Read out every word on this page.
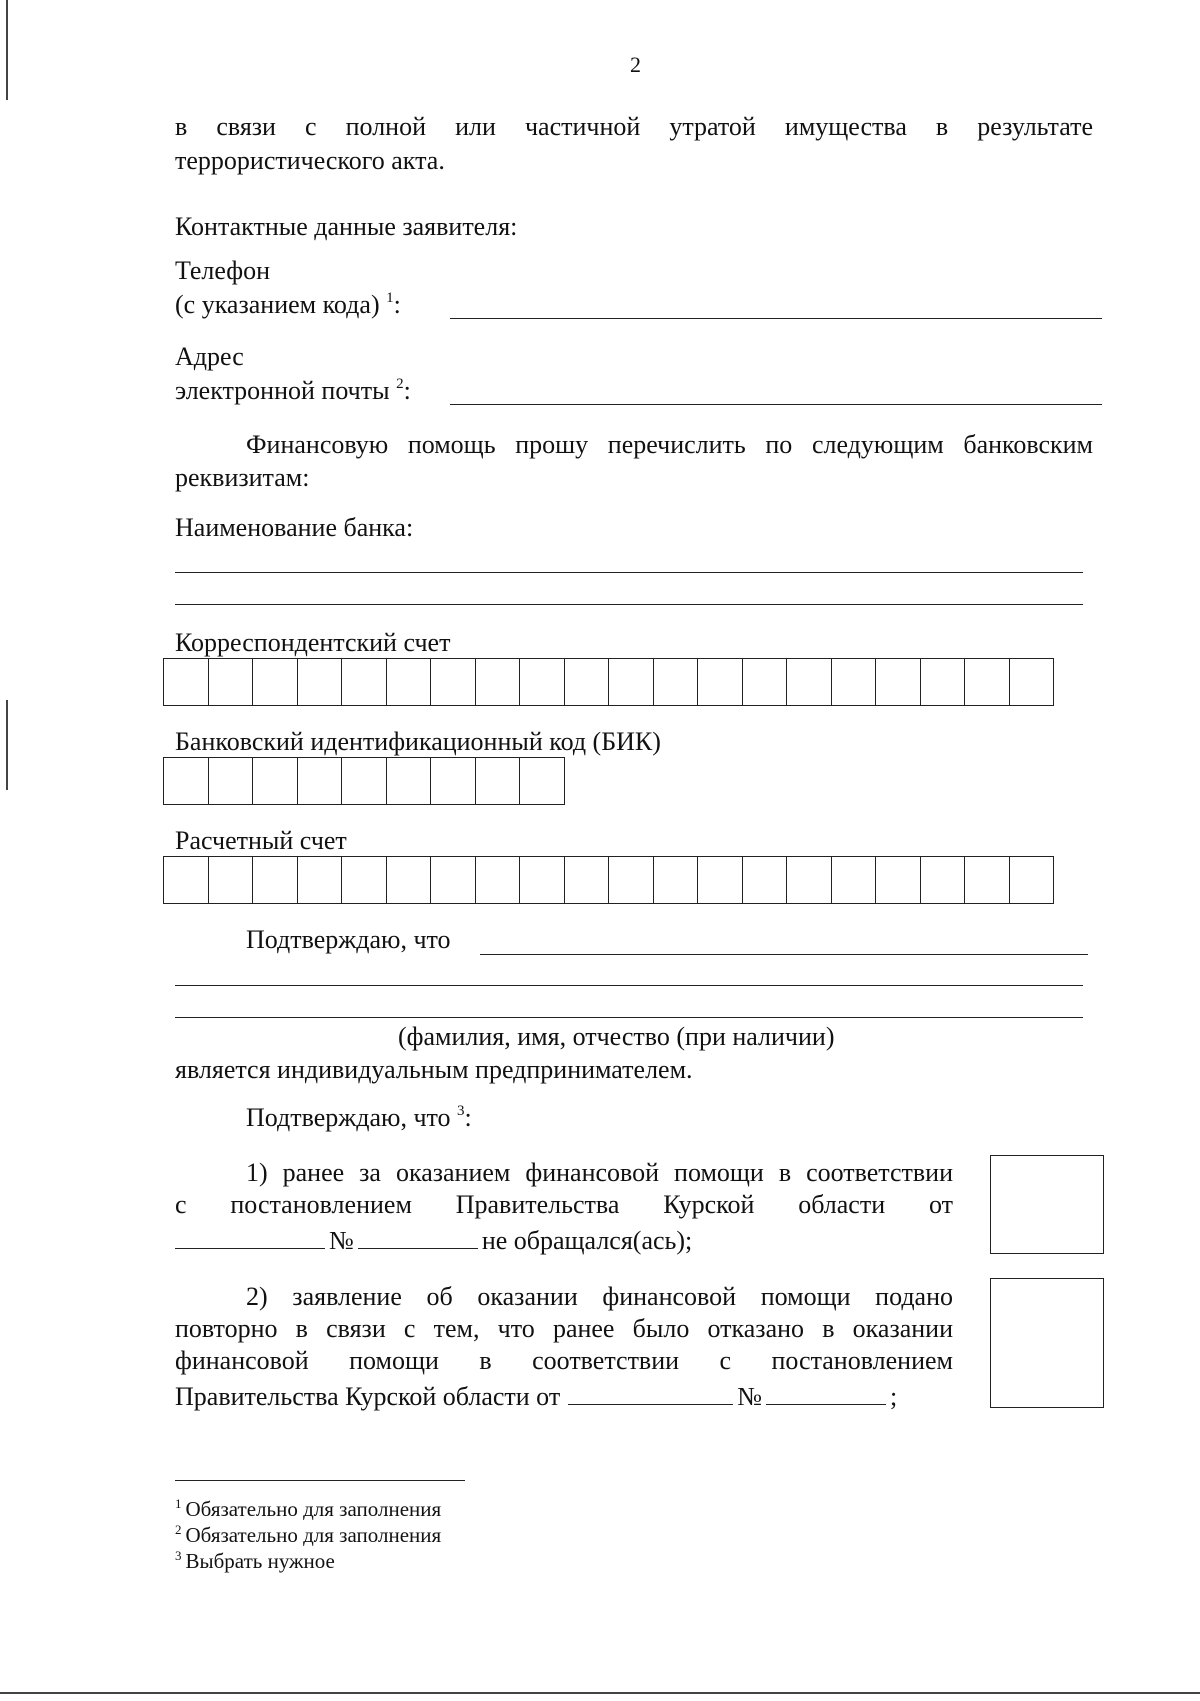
2
в связи с полной или частичной утратой имущества в результате
террористического акта.
Контактные данные заявителя:
Телефон
(с указанием кода) $^1$:
Адрес
электронной почты $^2$:
Финансовую помощь прошу перечислить по следующим банковским
реквизитам:
Наименование банка:
Корреспондентский счет
Банковский идентификационный код (БИК)
Расчетный счет
Подтверждаю, что
(фамилия, имя, отчество (при наличии)
является индивидуальным предпринимателем.
Подтверждаю, что $^3$:
1) ранее за оказанием финансовой помощи в соответствии
с постановлением Правительства Курской области от
№	не обращался(ась);
2) заявление об оказании финансовой помощи подано
повторно в связи с тем, что ранее было отказано в оказании
финансовой помощи в соответствии с постановлением
Правительства Курской области от	№	;
$^1$ Обязательно для заполнения
$^2$ Обязательно для заполнения
$^3$ Выбрать нужное
